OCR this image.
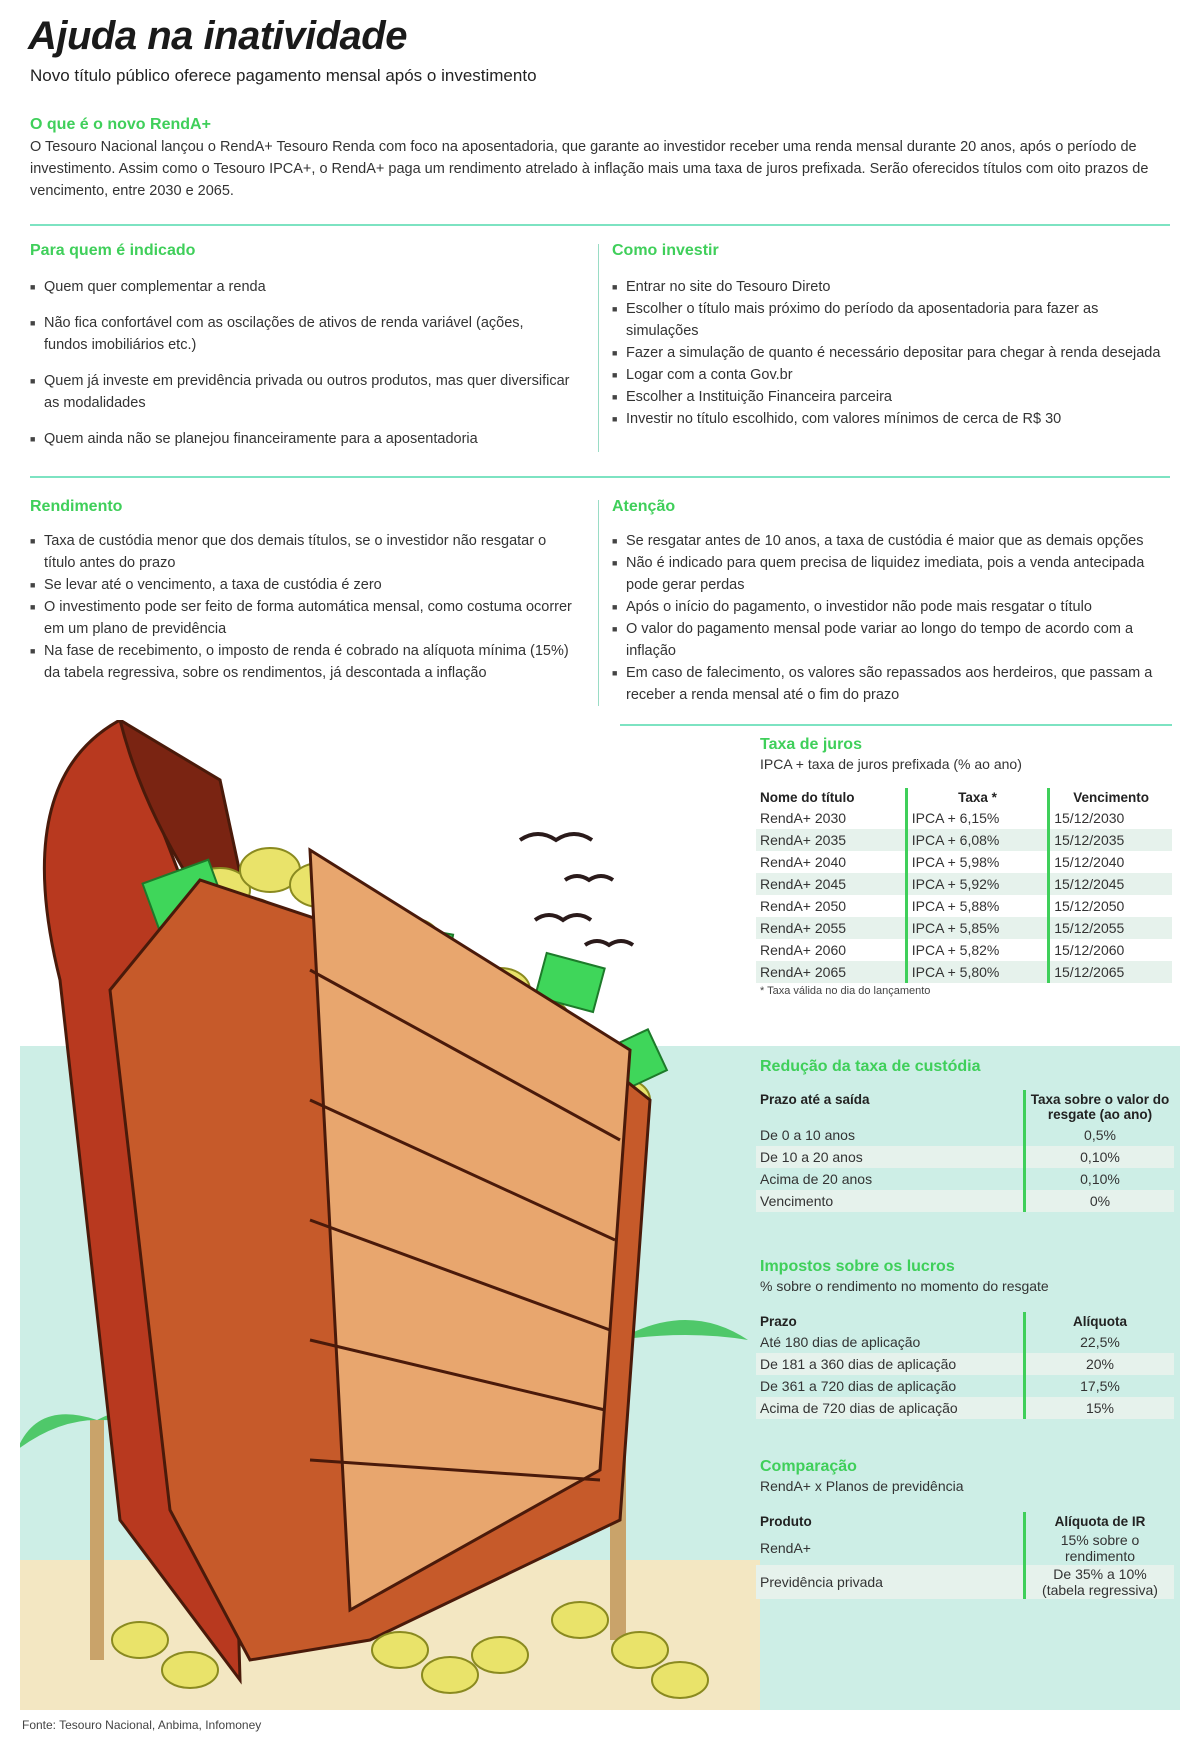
Ajuda na inatividade
Novo título público oferece pagamento mensal após o investimento
O que é o novo RendA+
O Tesouro Nacional lançou o RendA+ Tesouro Renda com foco na aposentadoria, que garante ao investidor receber uma renda mensal durante 20 anos, após o período de investimento. Assim como o Tesouro IPCA+, o RendA+ paga um rendimento atrelado à inflação mais uma taxa de juros prefixada. Serão oferecidos títulos com oito prazos de vencimento, entre 2030 e 2065.
Para quem é indicado
■ Quem quer complementar a renda
■ Não fica confortável com as oscilações de ativos de renda variável (ações, fundos imobiliários etc.)
■ Quem já investe em previdência privada ou outros produtos, mas quer diversificar as modalidades
■ Quem ainda não se planejou financeiramente para a aposentadoria
Como investir
■ Entrar no site do Tesouro Direto
■ Escolher o título mais próximo do período da aposentadoria para fazer as simulações
■ Fazer a simulação de quanto é necessário depositar para chegar à renda desejada
■ Logar com a conta Gov.br
■ Escolher a Instituição Financeira parceira
■ Investir no título escolhido, com valores mínimos de cerca de R$ 30
Rendimento
■ Taxa de custódia menor que dos demais títulos, se o investidor não resgatar o título antes do prazo
■ Se levar até o vencimento, a taxa de custódia é zero
■ O investimento pode ser feito de forma automática mensal, como costuma ocorrer em um plano de previdência
■ Na fase de recebimento, o imposto de renda é cobrado na alíquota mínima (15%) da tabela regressiva, sobre os rendimentos, já descontada a inflação
Atenção
■ Se resgatar antes de 10 anos, a taxa de custódia é maior que as demais opções
■ Não é indicado para quem precisa de liquidez imediata, pois a venda antecipada pode gerar perdas
■ Após o início do pagamento, o investidor não pode mais resgatar o título
■ O valor do pagamento mensal pode variar ao longo do tempo de acordo com a inflação
■ Em caso de falecimento, os valores são repassados aos herdeiros, que passam a receber a renda mensal até o fim do prazo
Taxa de juros
IPCA + taxa de juros prefixada (% ao ano)
Nome do título	Taxa *	Vencimento
RendA+ 2030	IPCA + 6,15%	15/12/2030
RendA+ 2035	IPCA + 6,08%	15/12/2035
RendA+ 2040	IPCA + 5,98%	15/12/2040
RendA+ 2045	IPCA + 5,92%	15/12/2045
RendA+ 2050	IPCA + 5,88%	15/12/2050
RendA+ 2055	IPCA + 5,85%	15/12/2055
RendA+ 2060	IPCA + 5,82%	15/12/2060
RendA+ 2065	IPCA + 5,80%	15/12/2065
* Taxa válida no dia do lançamento
Redução da taxa de custódia
Prazo até a saída	Taxa sobre o valor do resgate (ao ano)
De 0 a 10 anos	0,5%
De 10 a 20 anos	0,10%
Acima de 20 anos	0,10%
Vencimento	0%
Impostos sobre os lucros
% sobre o rendimento no momento do resgate
Prazo	Alíquota
Até 180 dias de aplicação	22,5%
De 181 a 360 dias de aplicação	20%
De 361 a 720 dias de aplicação	17,5%
Acima de 720 dias de aplicação	15%
Comparação
RendA+ x Planos de previdência
Produto	Alíquota de IR
RendA+	15% sobre o rendimento
Previdência privada	De 35% a 10% (tabela regressiva)
Fonte: Tesouro Nacional, Anbima, Infomoney
